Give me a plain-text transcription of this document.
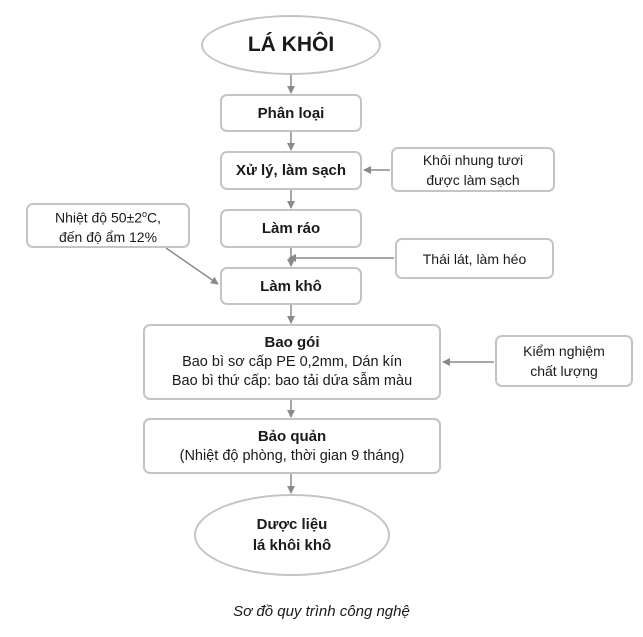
LÁ KHÔI
Phân loại
Xử lý, làm sạch
Làm ráo
Làm khô
Bao gói
Bao bì sơ cấp PE 0,2mm, Dán kín
Bao bì thứ cấp: bao tải dứa sẫm màu
Bảo quản
(Nhiệt độ phòng, thời gian 9 tháng)
Dược liệu
lá khôi khô
Khôi nhung tươi
được làm sạch
Nhiệt độ $50\pm 2^oC$,
đến độ ẩm 12%
Thái lát, làm héo
Kiểm nghiệm
chất lượng
Sơ đồ quy trình công nghệ
